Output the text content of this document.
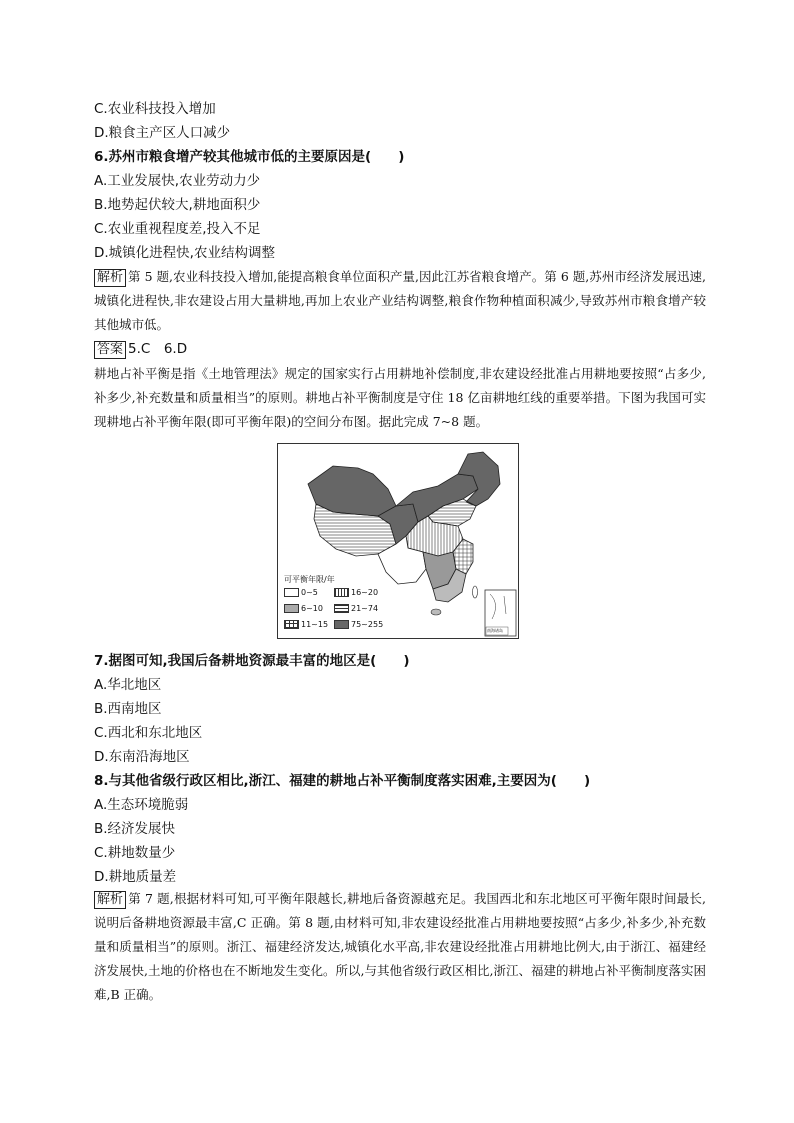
C.农业科技投入增加
D.粮食主产区人口减少
6.苏州市粮食增产较其他城市低的主要原因是(　　)
A.工业发展快,农业劳动力少
B.地势起伏较大,耕地面积少
C.农业重视程度差,投入不足
D.城镇化进程快,农业结构调整
解析 第 5 题,农业科技投入增加,能提高粮食单位面积产量,因此江苏省粮食增产。第 6 题,苏州市经济发展迅速,城镇化进程快,非农建设占用大量耕地,再加上农业产业结构调整,粮食作物种植面积减少,导致苏州市粮食增产较其他城市低。
答案 5.C　6.D
耕地占补平衡是指《土地管理法》规定的国家实行占用耕地补偿制度,非农建设经批准占用耕地要按照“占多少,补多少,补充数量和质量相当”的原则。耕地占补平衡制度是守住 18 亿亩耕地红线的重要举措。下图为我国可实现耕地占补平衡年限(即可平衡年限)的空间分布图。据此完成 7~8 题。
可平衡年限/年
0~5	16~20
6~10	21~74
11~15	75~255
南海诸岛
7.据图可知,我国后备耕地资源最丰富的地区是(　　)
A.华北地区
B.西南地区
C.西北和东北地区
D.东南沿海地区
8.与其他省级行政区相比,浙江、福建的耕地占补平衡制度落实困难,主要因为(　　)
A.生态环境脆弱
B.经济发展快
C.耕地数量少
D.耕地质量差
解析 第 7 题,根据材料可知,可平衡年限越长,耕地后备资源越充足。我国西北和东北地区可平衡年限时间最长,说明后备耕地资源最丰富,C 正确。第 8 题,由材料可知,非农建设经批准占用耕地要按照“占多少,补多少,补充数量和质量相当”的原则。浙江、福建经济发达,城镇化水平高,非农建设经批准占用耕地比例大,由于浙江、福建经济发展快,土地的价格也在不断地发生变化。所以,与其他省级行政区相比,浙江、福建的耕地占补平衡制度落实困难,B 正确。
